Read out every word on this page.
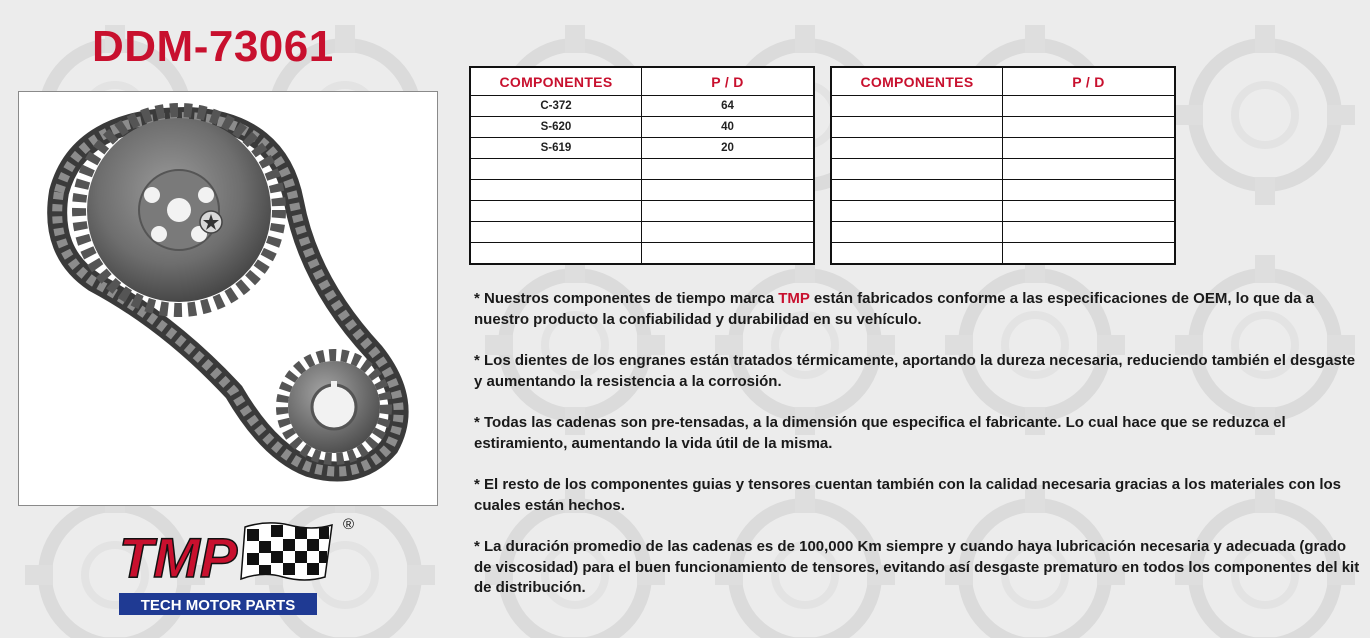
DDM-73061
TMP
®
TECH MOTOR PARTS
COMPONENTES	P / D
C-372	64
S-620	40
S-619	20

COMPONENTES	P / D

* Nuestros componentes de tiempo marca TMP están fabricados conforme a las especificaciones de OEM, lo que da a nuestro producto la confiabilidad y durabilidad en su vehículo.

* Los dientes de los engranes están tratados térmicamente, aportando la dureza necesaria, reduciendo también el desgaste y aumentando la resistencia a la corrosión.

* Todas las cadenas son pre-tensadas, a la dimensión que especifica el fabricante. Lo cual hace que se reduzca el estiramiento, aumentando la vida útil de la misma.

* El resto de los componentes guias y tensores cuentan también con la calidad necesaria gracias a los materiales con los cuales están hechos.

* La duración promedio de las cadenas es de 100,000 Km siempre y cuando haya lubricación necesaria y adecuada (grado de viscosidad) para el buen funcionamiento de tensores, evitando así desgaste prematuro en todos los componentes del kit de distribución.
